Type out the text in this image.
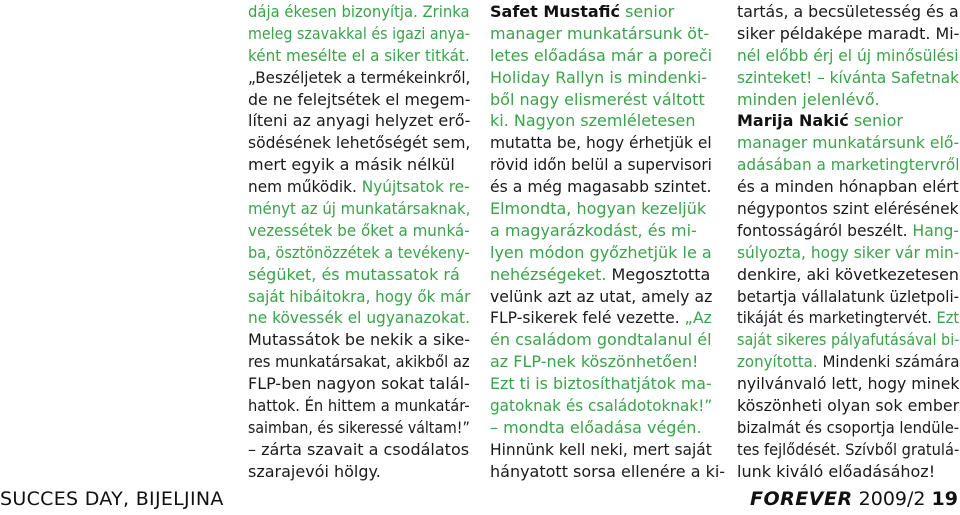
dája ékesen bizonyítja. Zrinka
meleg szavakkal és igazi anya-
ként mesélte el a siker titkát.
„Beszéljetek a termékeinkről,
de ne felejtsétek el megem-
líteni az anyagi helyzet erő-
södésének lehetőségét sem,
mert egyik a másik nélkül
nem működik. Nyújtsatok re-
ményt az új munkatársaknak,
vezessétek be őket a munká-
ba, ösztönözzétek a tevékeny-
ségüket, és mutassatok rá
saját hibáitokra, hogy ők már
ne kövessék el ugyanazokat.
Mutassátok be nekik a sike-
res munkatársakat, akikből az
FLP-ben nagyon sokat talál-
hattok. Én hittem a munkatár-
saimban, és sikeressé váltam!”
– zárta szavait a csodálatos
szarajevói hölgy.
Safet Mustafić senior
manager munkatársunk öt-
letes előadása már a poreči
Holiday Rallyn is mindenki-
ből nagy elismerést váltott
ki. Nagyon szemléletesen
mutatta be, hogy érhetjük el
rövid időn belül a supervisori
és a még magasabb szintet.
Elmondta, hogyan kezeljük
a magyarázkodást, és mi-
lyen módon győzhetjük le a
nehézségeket. Megosztotta
velünk azt az utat, amely az
FLP-sikerek felé vezette. „Az
én családom gondtalanul él
az FLP-nek köszönhetően!
Ezt ti is biztosíthatjátok ma-
gatoknak és családotoknak!”
– mondta előadása végén.
Hinnünk kell neki, mert saját
hányatott sorsa ellenére a ki-
tartás, a becsületesség és a
siker példaképe maradt. Mi-
nél előbb érj el új minősülési
szinteket! – kívánta Safetnak
minden jelenlévő.
Marija Nakić senior
manager munkatársunk elő-
adásában a marketingtervről
és a minden hónapban elért
négypontos szint elérésének
fontosságáról beszélt. Hang-
súlyozta, hogy siker vár min-
denkire, aki következetesen
betartja vállalatunk üzletpoli-
tikáját és marketingtervét. Ezt
saját sikeres pályafutásával bi-
zonyította. Mindenki számára
nyilvánvaló lett, hogy minek
köszönheti olyan sok ember
bizalmát és csoportja lendüle-
tes fejlődését. Szívből gratulá-
lunk kiváló előadásához!
SUCCES DAY, BIJELJINA	FOREVER 2009/2 19
